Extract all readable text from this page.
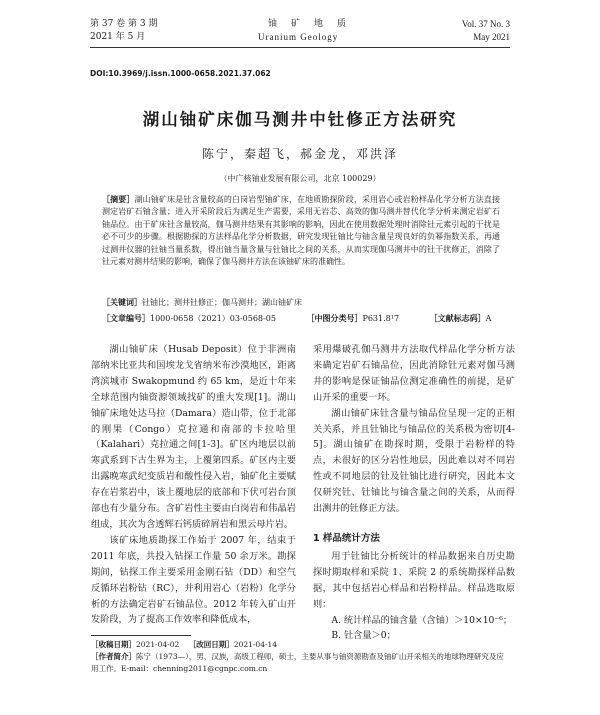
第 37 卷 第 3 期
2021 年 5 月
铀矿地质
Uranium Geology
Vol. 37 No. 3
May 2021
DOI:10.3969/j.issn.1000-0658.2021.37.062
湖山铀矿床伽马测井中钍修正方法研究
陈宁，秦超飞，郝金龙，邓洪泽
（中广核铀业发展有限公司，北京 100029）

［摘要］湖山铀矿床是钍含量较高的白岗岩型铀矿床，在地质勘探阶段，采用岩心或岩粉样品化学分析方法直接测定岩矿石铀含量；进入开采阶段后为满足生产需要，采用无岩芯、高效的伽马测井替代化学分析来测定岩矿石铀品位。由于矿床钍含量较高，伽马测井结果有其影响的影响，因此在使用数据处理时消除钍元素引起的干扰是必不可少的步骤。根据勘探的方法样品化学分析数据，研究发现钍铀比与铀含量呈现良好的负幂指数关系，再通过测井仪器的钍铀当量系数，得出铀当量含量与钍铀比之间的关系，从而实现伽马测井中的钍干扰修正，消除了钍元素对测井结果的影响，确保了伽马测井方法在该铀矿床的准确性。

［关键词］钍铀比；测井钍修正；伽马测井；湖山铀矿床
［文章编号］1000-0658（2021）03-0568-05	［中图分类号］P631.8¹7	［文献标志码］A

湖山铀矿床（Husab Deposit）位于非洲南部纳米比亚共和国埃龙戈省纳米布沙漠地区，距离湾滨城市 Swakopmund 约 65 km，是近十年来全球范围内铀资源领域找矿的重大发现[1]。湖山铀矿床地处达马拉（Damara）造山带，位于北部的刚果（Congo）克拉通和南部的卡拉哈里（Kalahari）克拉通之间[1-3]。矿区内地层以前寒武系到下古生界为主，上覆第四系。矿区内主要出露晚寒武纪变质岩和酸性侵入岩，铀矿化主要赋存在岩浆岩中，该上覆地层的底部和下伏可岩台顶部也有少量分布。含矿岩性主要由白岗岩和伟晶岩组成，其次为含透辉石钙质碎屑岩和黑云母片岩。

该矿床地质勘探工作始于 2007 年，结束于 2011 年底，共投入钻探工作量 50 余万米。勘探期间，钻探工作主要采用金刚石钻（DD）和空气反循环岩粉钻（RC），并利用岩心（岩粉）化学分析的方法确定岩矿石铀品位。2012 年转入矿山开发阶段，为了提高工作效率和降低成本，

采用爆破孔伽马测井方法取代样品化学分析方法来确定岩矿石铀品位，因此消除钍元素对伽马测井的影响是保证铀品位测定准确性的前提，是矿山开采的重要一环。

湖山铀矿床钍含量与铀品位呈现一定的正相关关系，并且钍铀比与铀品位的关系极为密切[4-5]。湖山铀矿在勘探时期，受限于岩粉样的特点，未很好的区分岩性地层，因此难以对不同岩性或不同地层的钍及钍铀比进行研究，因此本文仅研究钍、钍铀比与铀含量之间的关系，从而得出测井的钍修正方法。

1 样品统计方法

用于钍铀比分析统计的样品数据来自历史勘探时期取样和采院 1、采院 2 的系统勘探样品数据，其中包括岩心样品和岩粉样品。样品选取原则：

A. 统计样品的铀含量（含铀）＞10×10⁻⁶；

B. 钍含量＞0；

［收稿日期］2021-04-02 ［改回日期］2021-04-14

［作者简介］陈宁（1973—），男，汉族，高级工程师，硕士，主要从事与铀资源勘查及铀矿山开采相关的地球物理研究及应用工作。E-mail：chenning2011@cgnpc.com.cn
